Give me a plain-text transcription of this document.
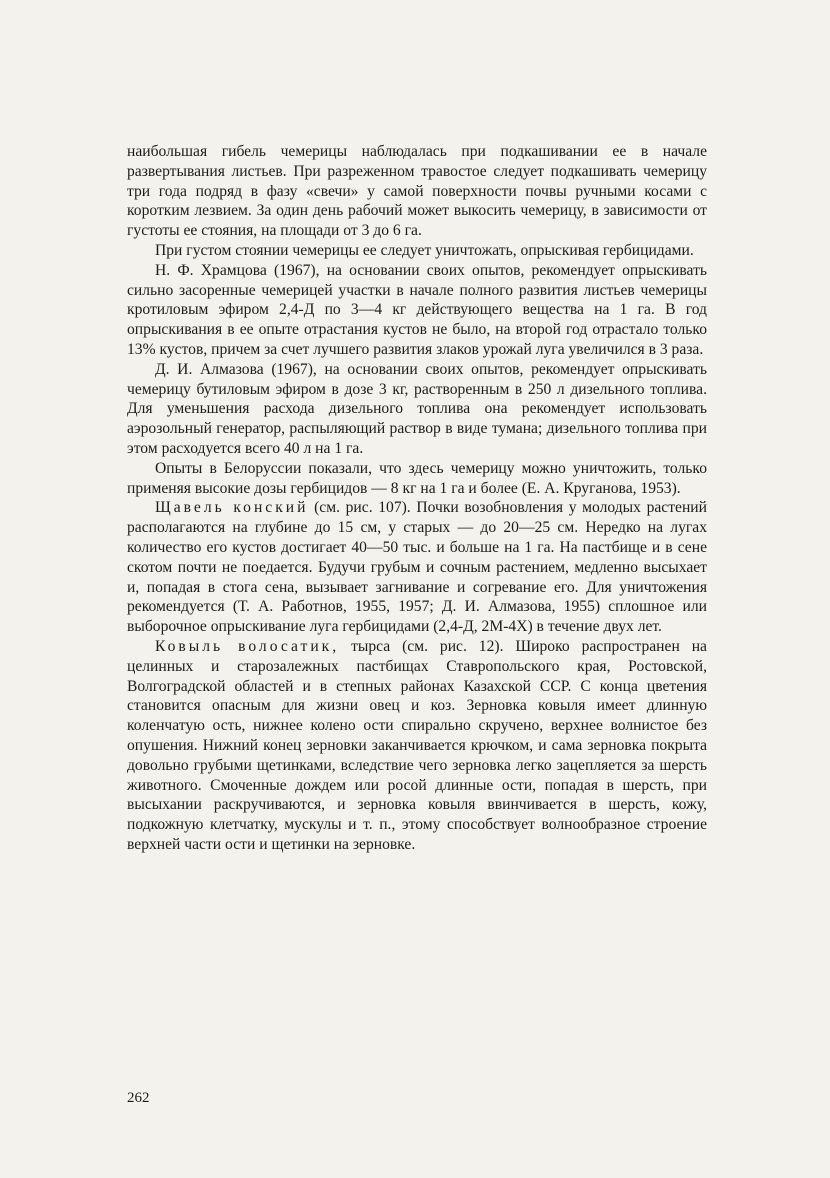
наибольшая гибель чемерицы наблюдалась при подкашивании ее в начале развертывания листьев. При разреженном травостое следует подкашивать чемерицу три года подряд в фазу «свечи» у самой поверхности почвы ручными косами с коротким лезвием. За один день рабочий может выкосить чемерицу, в зависимости от густоты ее стояния, на площади от 3 до 6 га.

При густом стоянии чемерицы ее следует уничтожать, опрыскивая гербицидами.

Н. Ф. Храмцова (1967), на основании своих опытов, рекомендует опрыскивать сильно засоренные чемерицей участки в начале полного развития листьев чемерицы кротиловым эфиром 2,4-Д по 3—4 кг действующего вещества на 1 га. В год опрыскивания в ее опыте отрастания кустов не было, на второй год отрастало только 13% кустов, причем за счет лучшего развития злаков урожай луга увеличился в 3 раза.

Д. И. Алмазова (1967), на основании своих опытов, рекомендует опрыскивать чемерицу бутиловым эфиром в дозе 3 кг, растворенным в 250 л дизельного топлива. Для уменьшения расхода дизельного топлива она рекомендует использовать аэрозольный генератор, распыляющий раствор в виде тумана; дизельного топлива при этом расходуется всего 40 л на 1 га.

Опыты в Белоруссии показали, что здесь чемерицу можно уничтожить, только применяя высокие дозы гербицидов — 8 кг на 1 га и более (Е. А. Круганова, 1953).

Щавель конский (см. рис. 107). Почки возобновления у молодых растений располагаются на глубине до 15 см, у старых — до 20—25 см. Нередко на лугах количество его кустов достигает 40—50 тыс. и больше на 1 га. На пастбище и в сене скотом почти не поедается. Будучи грубым и сочным растением, медленно высыхает и, попадая в стога сена, вызывает загнивание и согревание его. Для уничтожения рекомендуется (Т. А. Работнов, 1955, 1957; Д. И. Алмазова, 1955) сплошное или выборочное опрыскивание луга гербицидами (2,4-Д, 2М-4Х) в течение двух лет.

Ковыль волосатик, тырса (см. рис. 12). Широко распространен на целинных и старозалежных пастбищах Ставропольского края, Ростовской, Волгоградской областей и в степных районах Казахской ССР. С конца цветения становится опасным для жизни овец и коз. Зерновка ковыля имеет длинную коленчатую ость, нижнее колено ости спирально скручено, верхнее волнистое без опушения. Нижний конец зерновки заканчивается крючком, и сама зерновка покрыта довольно грубыми щетинками, вследствие чего зерновка легко зацепляется за шерсть животного. Смоченные дождем или росой длинные ости, попадая в шерсть, при высыхании раскручиваются, и зерновка ковыля ввинчивается в шерсть, кожу, подкожную клетчатку, мускулы и т. п., этому способствует волнообразное строение верхней части ости и щетинки на зерновке.

262
